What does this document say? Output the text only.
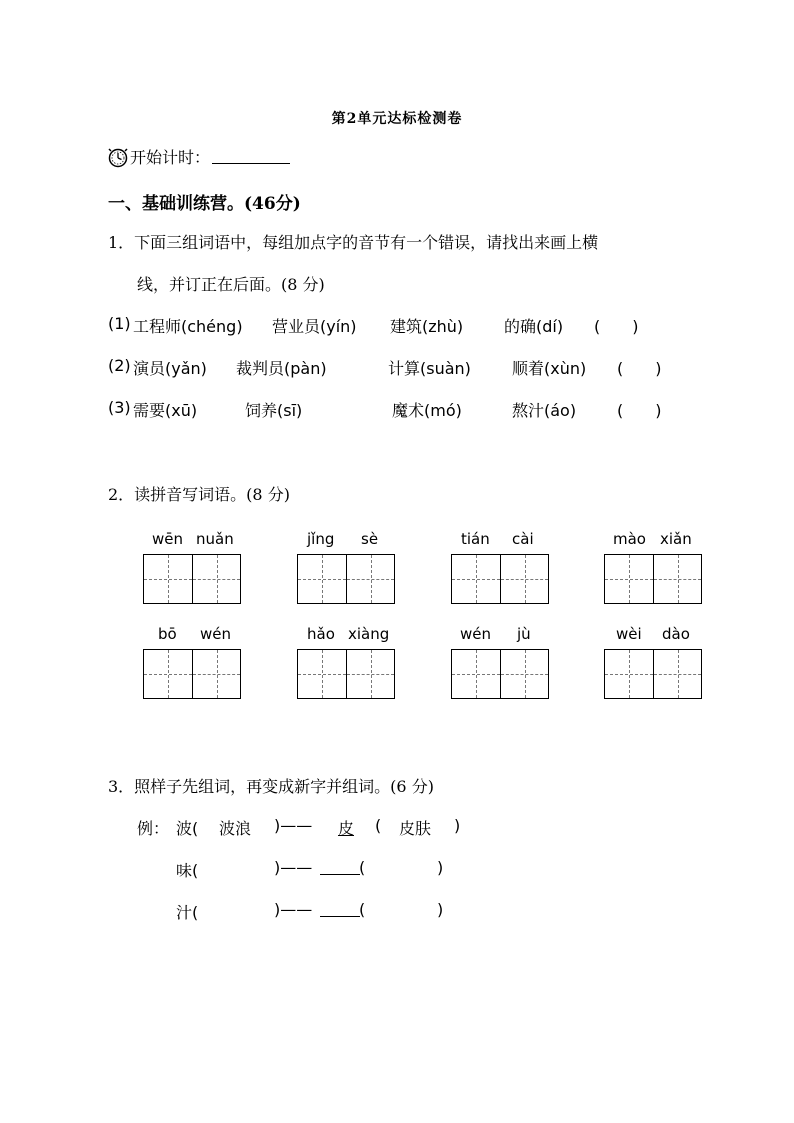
第2单元达标检测卷
开始计时：
一、基础训练营。(46分)
1．下面三组词语中，每组加点字的音节有一个错误，请找出来画上横
线，并订正在后面。(8 分)
(1) 工程师(chéng) 营业员(yín) 建筑(zhù)	的确(dí) (　　)
(2) 演员(yǎn) 裁判员(pàn)	计算(suàn)	顺着(xùn) (　　)
(3) 需要(xū)	饲养(sī)	魔术(mó)	熬汁(áo)	(　　)
2．读拼音写词语。(8 分)
wēn nuǎn	jǐng sè	tián cài	mào xiǎn
bō wén	hǎo xiàng	wén jù	wèi dào
3．照样子先组词，再变成新字并组词。(6 分)
例： 波( 波浪 )——	皮	( 皮肤 )
味(	)——	(	)
汁(	)——	(	)
